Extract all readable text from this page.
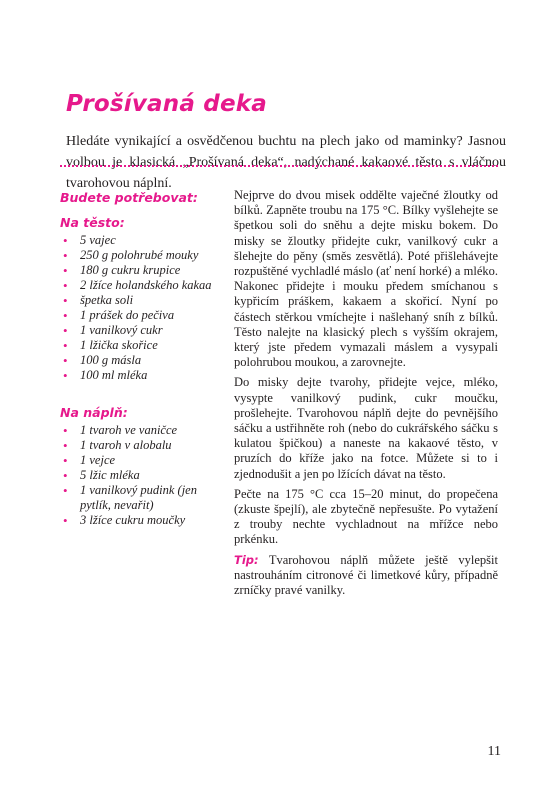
Prošívaná deka

Hledáte vynikající a osvědčenou buchtu na plech jako od maminky? Jasnou volbou je klasická „Prošívaná deka“, nadýchané kakaové těsto s vláčnou tvarohovou náplní.

Budete potřebovat:
Na těsto:
• 5 vajec
• 250 g polohrubé mouky
• 180 g cukru krupice
• 2 lžíce holandského kakaa
• špetka soli
• 1 prášek do pečiva
• 1 vanilkový cukr
• 1 lžička skořice
• 100 g másla
• 100 ml mléka
Na náplň:
• 1 tvaroh ve vaničce
• 1 tvaroh v alobalu
• 1 vejce
• 5 lžic mléka
• 1 vanilkový pudink (jen pytlík, nevařit)
• 3 lžíce cukru moučky

Nejprve do dvou misek oddělte vaječné žloutky od bílků. Zapněte troubu na 175 °C. Bílky vyšlehejte se špetkou soli do sněhu a dejte misku bokem. Do misky se žloutky přidejte cukr, vanilkový cukr a šlehejte do pěny (směs zesvětlá). Poté přišlehávejte rozpuštěné vychladlé máslo (ať není horké) a mléko. Nakonec přidejte i mouku předem smíchanou s kypřicím práškem, kakaem a skořicí. Nyní po částech stěrkou vmíchejte i našlehaný sníh z bílků. Těsto nalejte na klasický plech s vyšším okrajem, který jste předem vymazali máslem a vysypali polohrubou moukou, a zarovnejte.

Do misky dejte tvarohy, přidejte vejce, mléko, vysypte vanilkový pudink, cukr moučku, prošlehejte. Tvarohovou náplň dejte do pevnějšího sáčku a ustřihněte roh (nebo do cukrářského sáčku s kulatou špičkou) a naneste na kakaové těsto, v pruzích do kříže jako na fotce. Můžete si to i zjednodušit a jen po lžících dávat na těsto.

Pečte na 175 °C cca 15–20 minut, do propečena (zkuste špejlí), ale zbytečně nepřesušte. Po vytažení z trouby nechte vychladnout na mřížce nebo prkénku.

Tip: Tvarohovou náplň můžete ještě vylepšit nastrouháním citronové či limetkové kůry, případně zrníčky pravé vanilky.

11
